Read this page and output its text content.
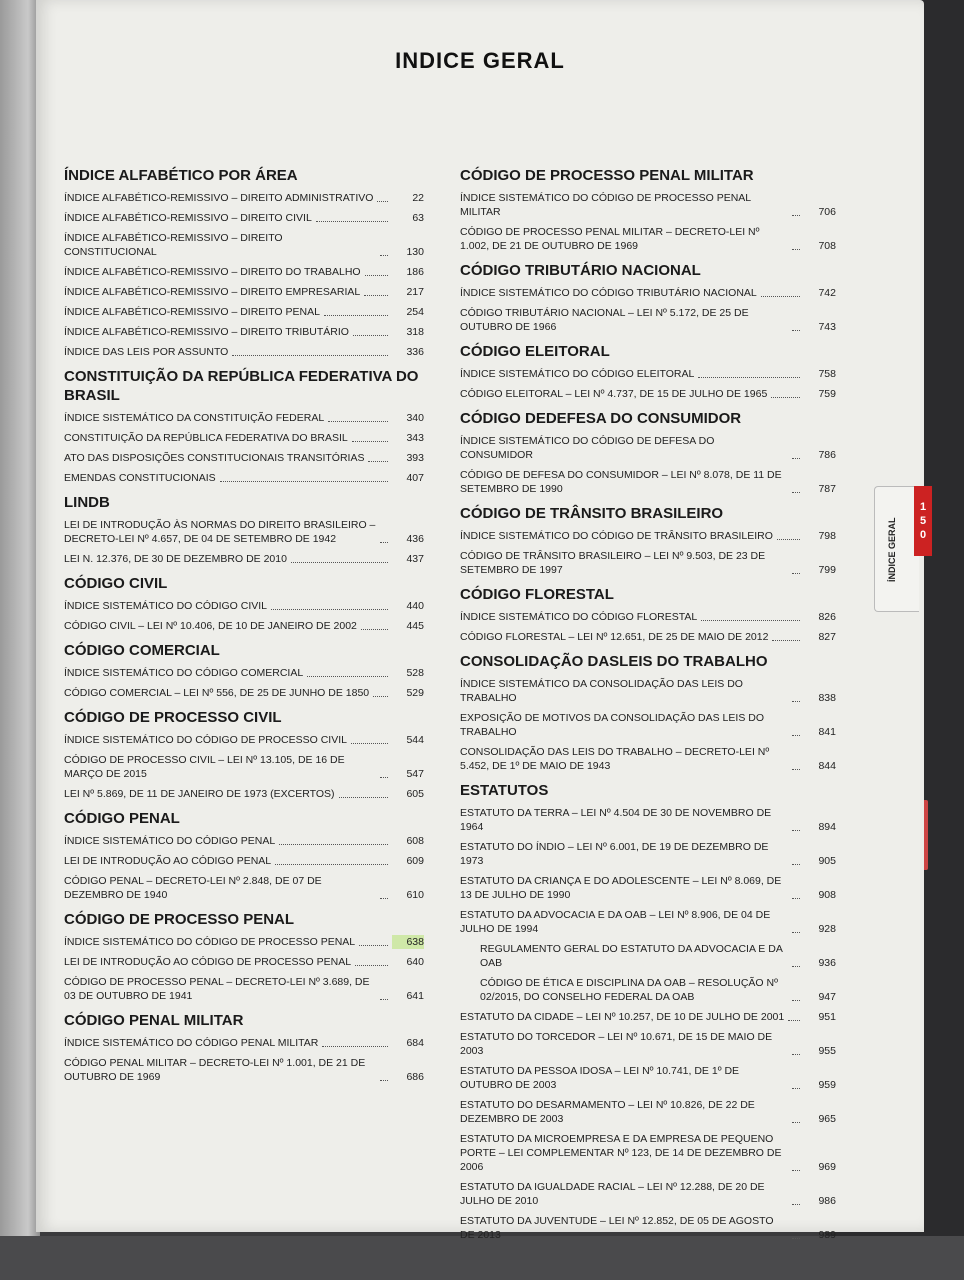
INDICE GERAL
ÍNDICE ALFABÉTICO POR ÁREA
ÍNDICE ALFABÉTICO-REMISSIVO – DIREITO ADMINISTRATIVO	22
ÍNDICE ALFABÉTICO-REMISSIVO – DIREITO CIVIL	63
ÍNDICE ALFABÉTICO-REMISSIVO – DIREITO CONSTITUCIONAL	130
ÍNDICE ALFABÉTICO-REMISSIVO – DIREITO DO TRABALHO	186
ÍNDICE ALFABÉTICO-REMISSIVO – DIREITO EMPRESARIAL	217
ÍNDICE ALFABÉTICO-REMISSIVO – DIREITO PENAL	254
ÍNDICE ALFABÉTICO-REMISSIVO – DIREITO TRIBUTÁRIO	318
ÍNDICE DAS LEIS POR ASSUNTO	336
CONSTITUIÇÃO DA REPÚBLICA FEDERATIVA DO BRASIL
ÍNDICE SISTEMÁTICO DA CONSTITUIÇÃO FEDERAL	340
CONSTITUIÇÃO DA REPÚBLICA FEDERATIVA DO BRASIL	343
ATO DAS DISPOSIÇÕES CONSTITUCIONAIS TRANSITÓRIAS	393
EMENDAS CONSTITUCIONAIS	407
LINDB
LEI DE INTRODUÇÃO ÀS NORMAS DO DIREITO BRASILEIRO – DECRETO-LEI Nº 4.657, DE 04 DE SETEMBRO DE 1942	436
LEI N. 12.376, DE 30 DE DEZEMBRO DE 2010	437
CÓDIGO CIVIL
ÍNDICE SISTEMÁTICO DO CÓDIGO CIVIL	440
CÓDIGO CIVIL – LEI Nº 10.406, DE 10 DE JANEIRO DE 2002	445
CÓDIGO COMERCIAL
ÍNDICE SISTEMÁTICO DO CÓDIGO COMERCIAL	528
CÓDIGO COMERCIAL – LEI Nº 556, DE 25 DE JUNHO DE 1850	529
CÓDIGO DE PROCESSO CIVIL
ÍNDICE SISTEMÁTICO DO CÓDIGO DE PROCESSO CIVIL	544
CÓDIGO DE PROCESSO CIVIL – LEI Nº 13.105, DE 16 DE MARÇO DE 2015	547
LEI Nº 5.869, DE 11 DE JANEIRO DE 1973 (EXCERTOS)	605
CÓDIGO PENAL
ÍNDICE SISTEMÁTICO DO CÓDIGO PENAL	608
LEI DE INTRODUÇÃO AO CÓDIGO PENAL	609
CÓDIGO PENAL – DECRETO-LEI Nº 2.848, DE 07 DE DEZEMBRO DE 1940	610
CÓDIGO DE PROCESSO PENAL
ÍNDICE SISTEMÁTICO DO CÓDIGO DE PROCESSO PENAL	638
LEI DE INTRODUÇÃO AO CÓDIGO DE PROCESSO PENAL	640
CÓDIGO DE PROCESSO PENAL – DECRETO-LEI Nº 3.689, DE 03 DE OUTUBRO DE 1941	641
CÓDIGO PENAL MILITAR
ÍNDICE SISTEMÁTICO DO CÓDIGO PENAL MILITAR	684
CÓDIGO PENAL MILITAR – DECRETO-LEI Nº 1.001, DE 21 DE OUTUBRO DE 1969	686
CÓDIGO DE PROCESSO PENAL MILITAR
ÍNDICE SISTEMÁTICO DO CÓDIGO DE PROCESSO PENAL MILITAR	706
CÓDIGO DE PROCESSO PENAL MILITAR – DECRETO-LEI Nº 1.002, DE 21 DE OUTUBRO DE 1969	708
CÓDIGO TRIBUTÁRIO NACIONAL
ÍNDICE SISTEMÁTICO DO CÓDIGO TRIBUTÁRIO NACIONAL	742
CÓDIGO TRIBUTÁRIO NACIONAL – LEI Nº 5.172, DE 25 DE OUTUBRO DE 1966	743
CÓDIGO ELEITORAL
ÍNDICE SISTEMÁTICO DO CÓDIGO ELEITORAL	758
CÓDIGO ELEITORAL – LEI Nº 4.737, DE 15 DE JULHO DE 1965	759
CÓDIGO DEDEFESA DO CONSUMIDOR
ÍNDICE SISTEMÁTICO DO CÓDIGO DE DEFESA DO CONSUMIDOR	786
CÓDIGO DE DEFESA DO CONSUMIDOR – LEI Nº 8.078, DE 11 DE SETEMBRO DE 1990	787
CÓDIGO DE TRÂNSITO BRASILEIRO
ÍNDICE SISTEMÁTICO DO CÓDIGO DE TRÂNSITO BRASILEIRO	798
CÓDIGO DE TRÂNSITO BRASILEIRO – LEI Nº 9.503, DE 23 DE SETEMBRO DE 1997	799
CÓDIGO FLORESTAL
ÍNDICE SISTEMÁTICO DO CÓDIGO FLORESTAL	826
CÓDIGO FLORESTAL – LEI Nº 12.651, DE 25 DE MAIO DE 2012	827
CONSOLIDAÇÃO DASLEIS DO TRABALHO
ÍNDICE SISTEMÁTICO DA CONSOLIDAÇÃO DAS LEIS DO TRABALHO	838
EXPOSIÇÃO DE MOTIVOS DA CONSOLIDAÇÃO DAS LEIS DO TRABALHO	841
CONSOLIDAÇÃO DAS LEIS DO TRABALHO – DECRETO-LEI Nº 5.452, DE 1º DE MAIO DE 1943	844
ESTATUTOS
ESTATUTO DA TERRA – LEI Nº 4.504 DE 30 DE NOVEMBRO DE 1964	894
ESTATUTO DO ÍNDIO – LEI Nº 6.001, DE 19 DE DEZEMBRO DE 1973	905
ESTATUTO DA CRIANÇA E DO ADOLESCENTE – LEI Nº 8.069, DE 13 DE JULHO DE 1990	908
ESTATUTO DA ADVOCACIA E DA OAB – LEI Nº 8.906, DE 04 DE JULHO DE 1994	928
REGULAMENTO GERAL DO ESTATUTO DA ADVOCACIA E DA OAB	936
CÓDIGO DE ÉTICA E DISCIPLINA DA OAB – RESOLUÇÃO Nº 02/2015, DO CONSELHO FEDERAL DA OAB	947
ESTATUTO DA CIDADE – LEI Nº 10.257, DE 10 DE JULHO DE 2001	951
ESTATUTO DO TORCEDOR – LEI Nº 10.671, DE 15 DE MAIO DE 2003	955
ESTATUTO DA PESSOA IDOSA – LEI Nº 10.741, DE 1º DE OUTUBRO DE 2003	959
ESTATUTO DO DESARMAMENTO – LEI Nº 10.826, DE 22 DE DEZEMBRO DE 2003	965
ESTATUTO DA MICROEMPRESA E DA EMPRESA DE PEQUENO PORTE – LEI COMPLEMENTAR Nº 123, DE 14 DE DEZEMBRO DE 2006	969
ESTATUTO DA IGUALDADE RACIAL – LEI Nº 12.288, DE 20 DE JULHO DE 2010	986
ESTATUTO DA JUVENTUDE – LEI Nº 12.852, DE 05 DE AGOSTO DE 2013	989
ÍNDICE GERAL
1
5
0
